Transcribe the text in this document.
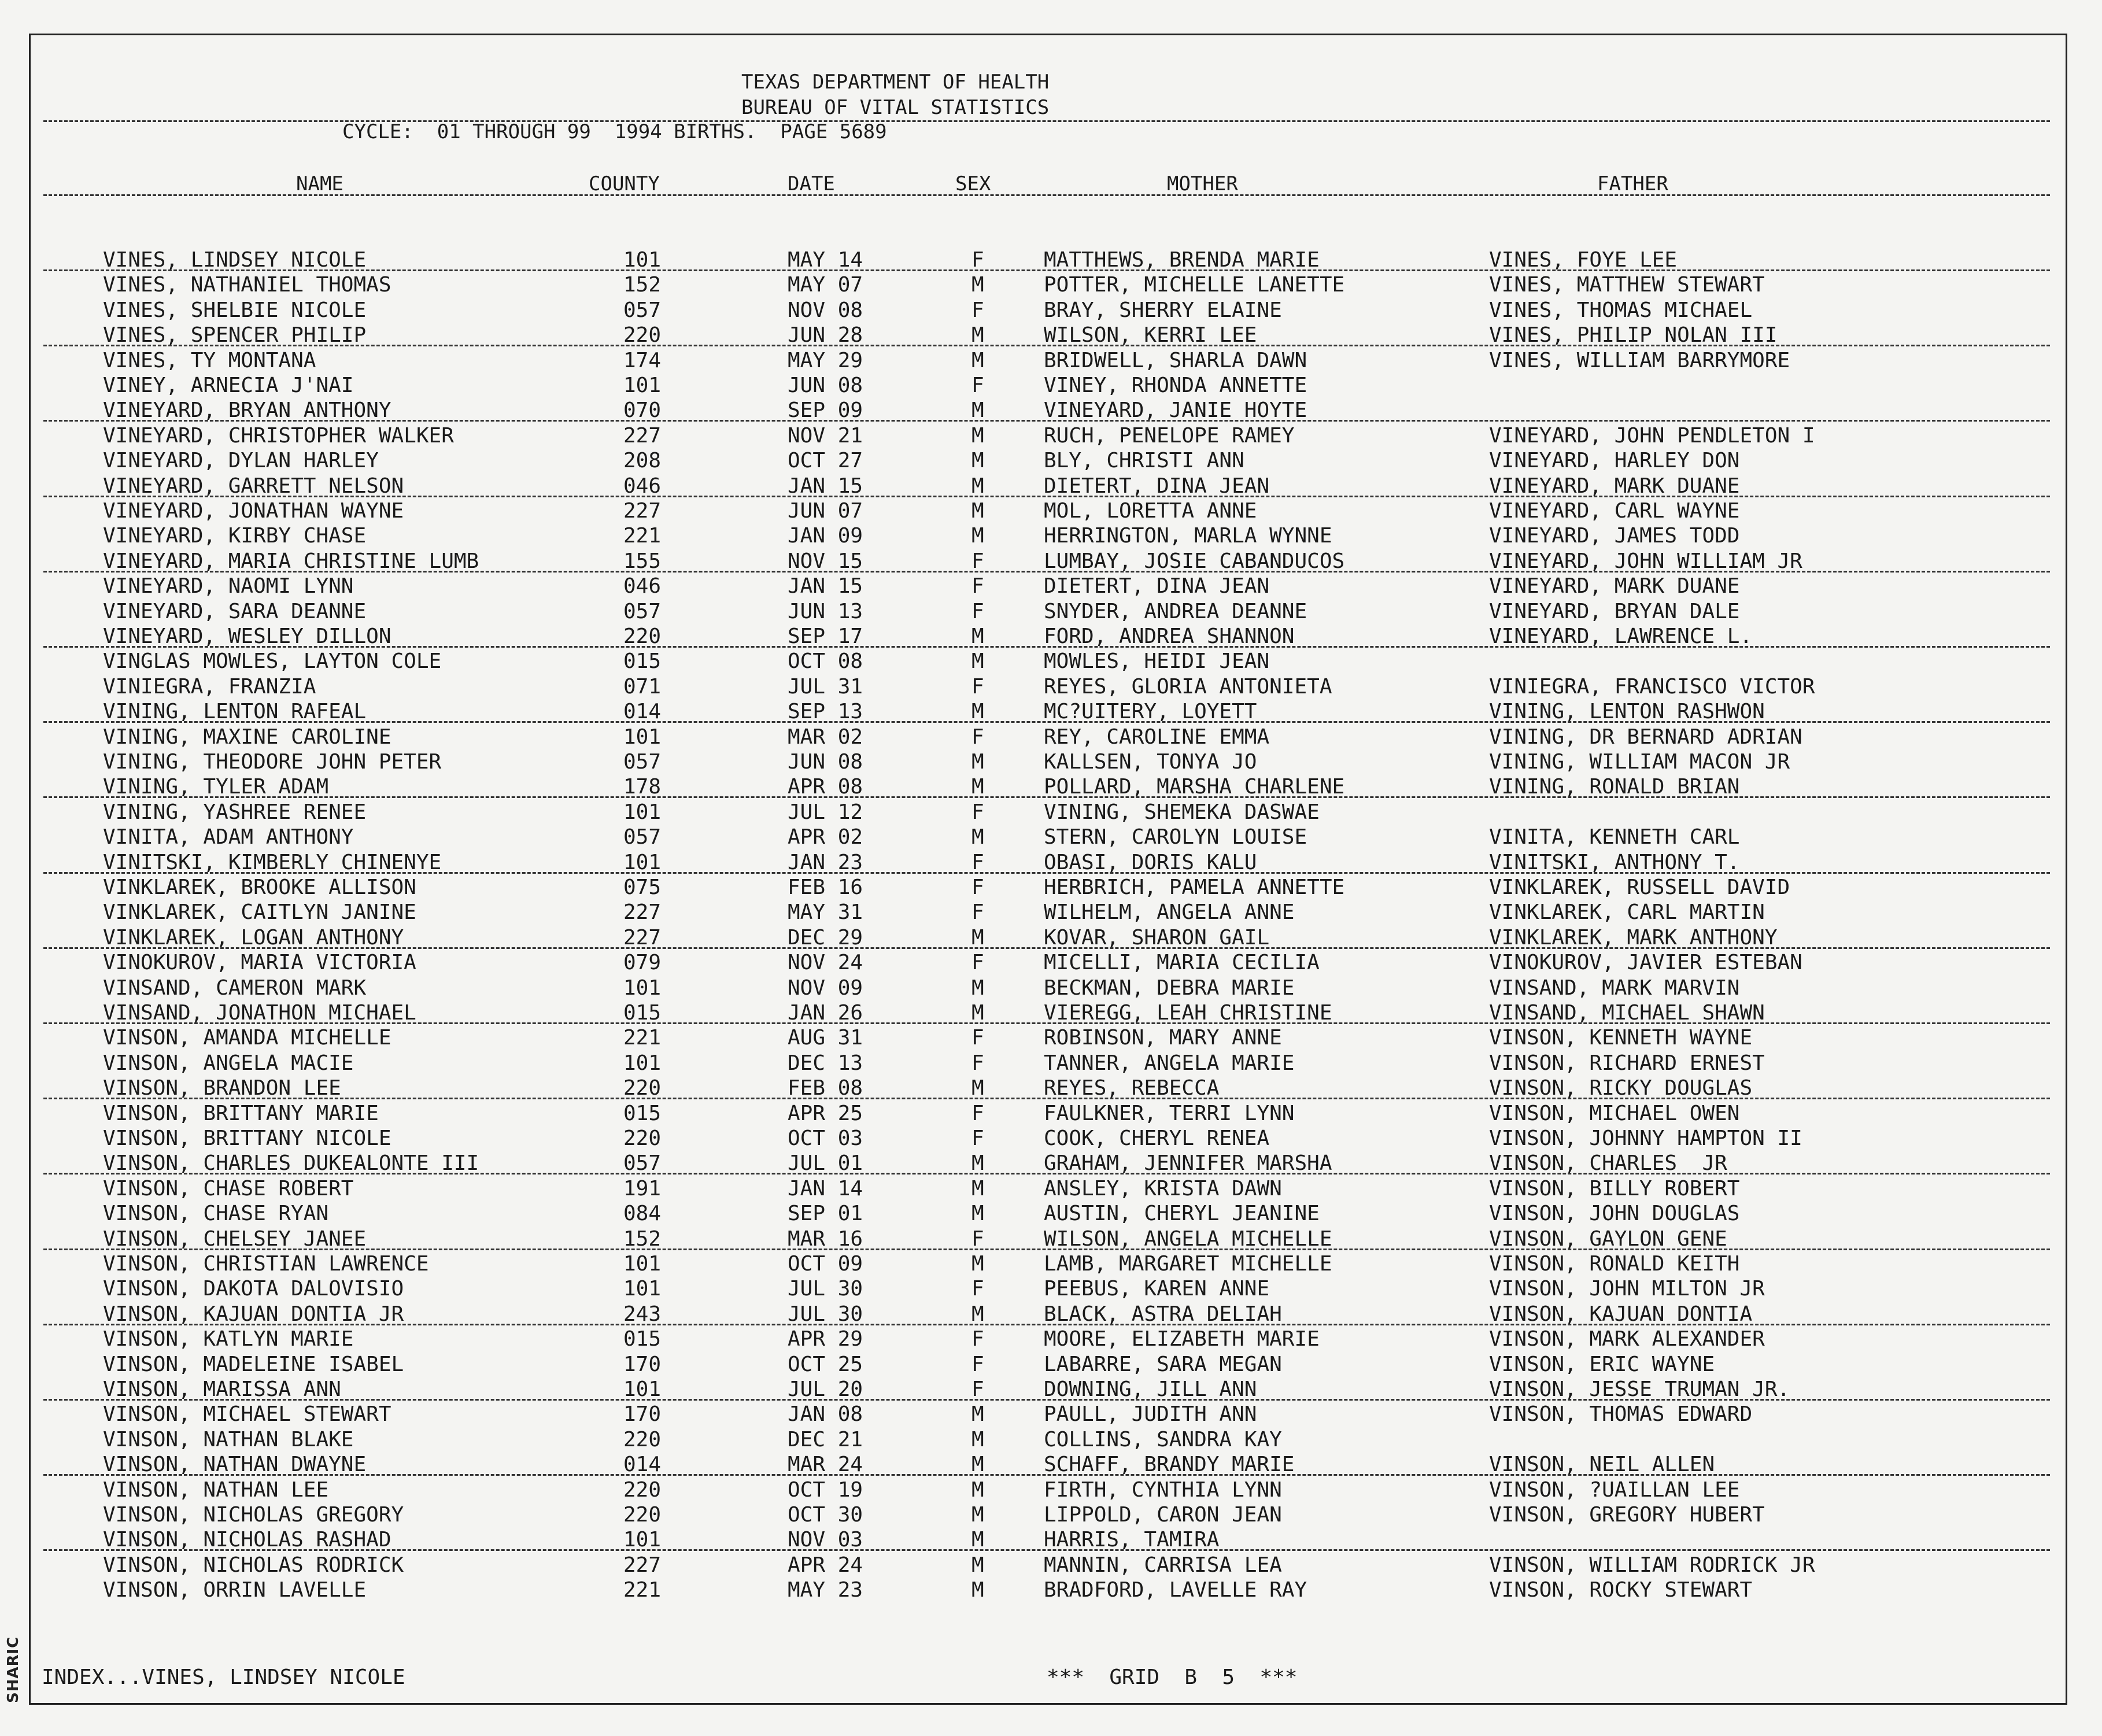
SHARIC
TEXAS DEPARTMENT OF HEALTH
BUREAU OF VITAL STATISTICS
CYCLE:  01 THROUGH 99  1994 BIRTHS.  PAGE 5689
NAME	COUNTY	DATE	SEX	MOTHER	FATHER
VINES, LINDSEY NICOLE	101	MAY 14	F	MATTHEWS, BRENDA MARIE	VINES, FOYE LEE
VINES, NATHANIEL THOMAS	152	MAY 07	M	POTTER, MICHELLE LANETTE	VINES, MATTHEW STEWART
VINES, SHELBIE NICOLE	057	NOV 08	F	BRAY, SHERRY ELAINE	VINES, THOMAS MICHAEL
VINES, SPENCER PHILIP	220	JUN 28	M	WILSON, KERRI LEE	VINES, PHILIP NOLAN III
VINES, TY MONTANA	174	MAY 29	M	BRIDWELL, SHARLA DAWN	VINES, WILLIAM BARRYMORE
VINEY, ARNECIA J'NAI	101	JUN 08	F	VINEY, RHONDA ANNETTE
VINEYARD, BRYAN ANTHONY	070	SEP 09	M	VINEYARD, JANIE HOYTE
VINEYARD, CHRISTOPHER WALKER	227	NOV 21	M	RUCH, PENELOPE RAMEY	VINEYARD, JOHN PENDLETON I
VINEYARD, DYLAN HARLEY	208	OCT 27	M	BLY, CHRISTI ANN	VINEYARD, HARLEY DON
VINEYARD, GARRETT NELSON	046	JAN 15	M	DIETERT, DINA JEAN	VINEYARD, MARK DUANE
VINEYARD, JONATHAN WAYNE	227	JUN 07	M	MOL, LORETTA ANNE	VINEYARD, CARL WAYNE
VINEYARD, KIRBY CHASE	221	JAN 09	M	HERRINGTON, MARLA WYNNE	VINEYARD, JAMES TODD
VINEYARD, MARIA CHRISTINE LUMB	155	NOV 15	F	LUMBAY, JOSIE CABANDUCOS	VINEYARD, JOHN WILLIAM JR
VINEYARD, NAOMI LYNN	046	JAN 15	F	DIETERT, DINA JEAN	VINEYARD, MARK DUANE
VINEYARD, SARA DEANNE	057	JUN 13	F	SNYDER, ANDREA DEANNE	VINEYARD, BRYAN DALE
VINEYARD, WESLEY DILLON	220	SEP 17	M	FORD, ANDREA SHANNON	VINEYARD, LAWRENCE L.
VINGLAS MOWLES, LAYTON COLE	015	OCT 08	M	MOWLES, HEIDI JEAN
VINIEGRA, FRANZIA	071	JUL 31	F	REYES, GLORIA ANTONIETA	VINIEGRA, FRANCISCO VICTOR
VINING, LENTON RAFEAL	014	SEP 13	M	MC?UITERY, LOYETT	VINING, LENTON RASHWON
VINING, MAXINE CAROLINE	101	MAR 02	F	REY, CAROLINE EMMA	VINING, DR BERNARD ADRIAN
VINING, THEODORE JOHN PETER	057	JUN 08	M	KALLSEN, TONYA JO	VINING, WILLIAM MACON JR
VINING, TYLER ADAM	178	APR 08	M	POLLARD, MARSHA CHARLENE	VINING, RONALD BRIAN
VINING, YASHREE RENEE	101	JUL 12	F	VINING, SHEMEKA DASWAE
VINITA, ADAM ANTHONY	057	APR 02	M	STERN, CAROLYN LOUISE	VINITA, KENNETH CARL
VINITSKI, KIMBERLY CHINENYE	101	JAN 23	F	OBASI, DORIS KALU	VINITSKI, ANTHONY T.
VINKLAREK, BROOKE ALLISON	075	FEB 16	F	HERBRICH, PAMELA ANNETTE	VINKLAREK, RUSSELL DAVID
VINKLAREK, CAITLYN JANINE	227	MAY 31	F	WILHELM, ANGELA ANNE	VINKLAREK, CARL MARTIN
VINKLAREK, LOGAN ANTHONY	227	DEC 29	M	KOVAR, SHARON GAIL	VINKLAREK, MARK ANTHONY
VINOKUROV, MARIA VICTORIA	079	NOV 24	F	MICELLI, MARIA CECILIA	VINOKUROV, JAVIER ESTEBAN
VINSAND, CAMERON MARK	101	NOV 09	M	BECKMAN, DEBRA MARIE	VINSAND, MARK MARVIN
VINSAND, JONATHON MICHAEL	015	JAN 26	M	VIEREGG, LEAH CHRISTINE	VINSAND, MICHAEL SHAWN
VINSON, AMANDA MICHELLE	221	AUG 31	F	ROBINSON, MARY ANNE	VINSON, KENNETH WAYNE
VINSON, ANGELA MACIE	101	DEC 13	F	TANNER, ANGELA MARIE	VINSON, RICHARD ERNEST
VINSON, BRANDON LEE	220	FEB 08	M	REYES, REBECCA	VINSON, RICKY DOUGLAS
VINSON, BRITTANY MARIE	015	APR 25	F	FAULKNER, TERRI LYNN	VINSON, MICHAEL OWEN
VINSON, BRITTANY NICOLE	220	OCT 03	F	COOK, CHERYL RENEA	VINSON, JOHNNY HAMPTON II
VINSON, CHARLES DUKEALONTE III	057	JUL 01	M	GRAHAM, JENNIFER MARSHA	VINSON, CHARLES  JR
VINSON, CHASE ROBERT	191	JAN 14	M	ANSLEY, KRISTA DAWN	VINSON, BILLY ROBERT
VINSON, CHASE RYAN	084	SEP 01	M	AUSTIN, CHERYL JEANINE	VINSON, JOHN DOUGLAS
VINSON, CHELSEY JANEE	152	MAR 16	F	WILSON, ANGELA MICHELLE	VINSON, GAYLON GENE
VINSON, CHRISTIAN LAWRENCE	101	OCT 09	M	LAMB, MARGARET MICHELLE	VINSON, RONALD KEITH
VINSON, DAKOTA DALOVISIO	101	JUL 30	F	PEEBUS, KAREN ANNE	VINSON, JOHN MILTON JR
VINSON, KAJUAN DONTIA JR	243	JUL 30	M	BLACK, ASTRA DELIAH	VINSON, KAJUAN DONTIA
VINSON, KATLYN MARIE	015	APR 29	F	MOORE, ELIZABETH MARIE	VINSON, MARK ALEXANDER
VINSON, MADELEINE ISABEL	170	OCT 25	F	LABARRE, SARA MEGAN	VINSON, ERIC WAYNE
VINSON, MARISSA ANN	101	JUL 20	F	DOWNING, JILL ANN	VINSON, JESSE TRUMAN JR.
VINSON, MICHAEL STEWART	170	JAN 08	M	PAULL, JUDITH ANN	VINSON, THOMAS EDWARD
VINSON, NATHAN BLAKE	220	DEC 21	M	COLLINS, SANDRA KAY
VINSON, NATHAN DWAYNE	014	MAR 24	M	SCHAFF, BRANDY MARIE	VINSON, NEIL ALLEN
VINSON, NATHAN LEE	220	OCT 19	M	FIRTH, CYNTHIA LYNN	VINSON, ?UAILLAN LEE
VINSON, NICHOLAS GREGORY	220	OCT 30	M	LIPPOLD, CARON JEAN	VINSON, GREGORY HUBERT
VINSON, NICHOLAS RASHAD	101	NOV 03	M	HARRIS, TAMIRA
VINSON, NICHOLAS RODRICK	227	APR 24	M	MANNIN, CARRISA LEA	VINSON, WILLIAM RODRICK JR
VINSON, ORRIN LAVELLE	221	MAY 23	M	BRADFORD, LAVELLE RAY	VINSON, ROCKY STEWART
INDEX...VINES, LINDSEY NICOLE	***  GRID  B  5  ***
